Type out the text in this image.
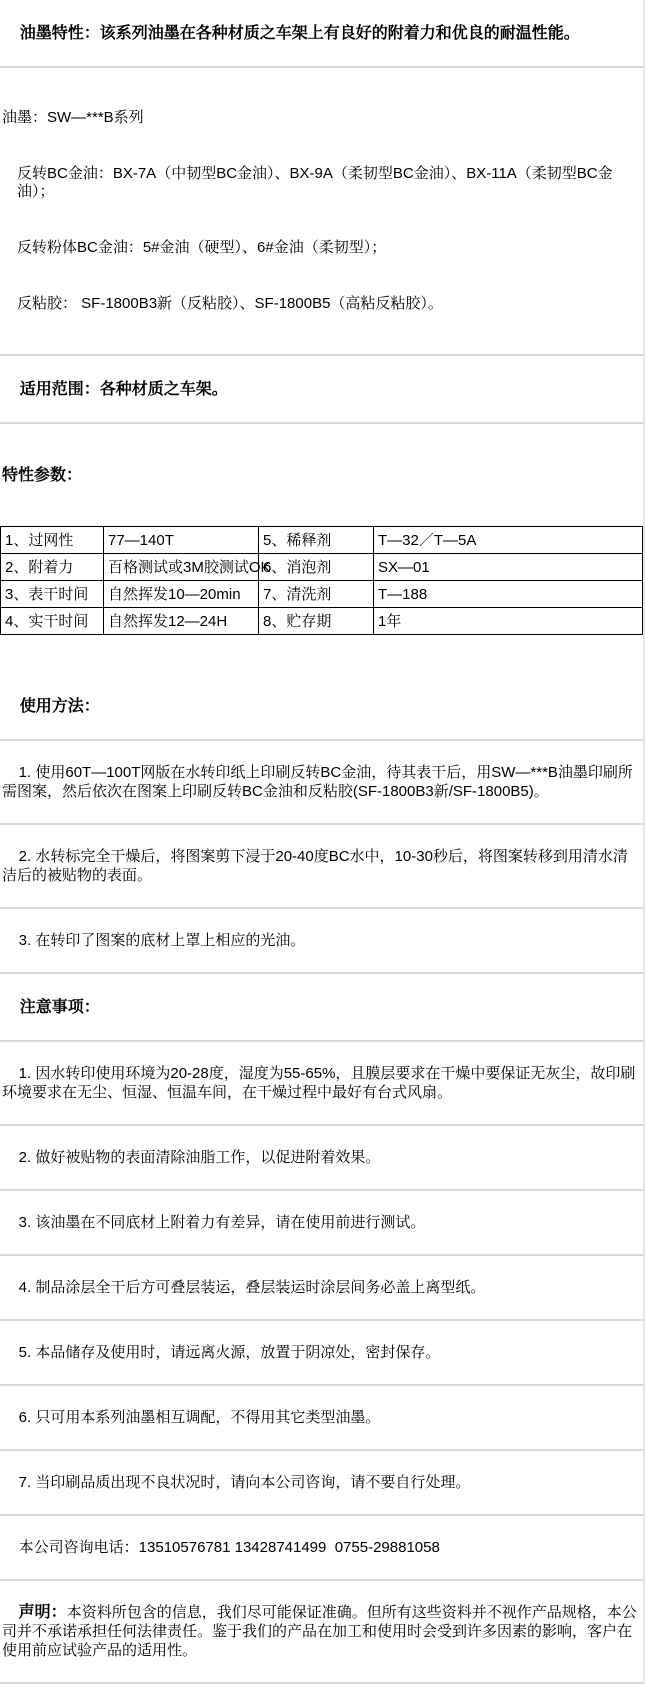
油墨特性：该系列油墨在各种材质之车架上有良好的附着力和优良的耐温性能。

油墨：SW—***B系列

反转BC金油：BX-7A（中韧型BC金油）、BX-9A（柔韧型BC金油）、BX-11A（柔韧型BC金油）；

反转粉体BC金油：5#金油（硬型）、6#金油（柔韧型）；

反粘胶： SF-1800B3新（反粘胶）、SF-1800B5（高粘反粘胶）。

适用范围：各种材质之车架。

特性参数：

1、过网性	77—140T	5、稀释剂	T—32／T—5A
2、附着力	百格测试或3M胶测试OK	6、消泡剂	SX—01
3、表干时间	自然挥发10—20min	7、清洗剂	T—188
4、实干时间	自然挥发12—24H	8、贮存期	1年

使用方法：

1. 使用60T—100T网版在水转印纸上印刷反转BC金油，待其表干后，用SW—***B油墨印刷所需图案，然后依次在图案上印刷反转BC金油和反粘胶(SF-1800B3新/SF-1800B5)。

2. 水转标完全干燥后，将图案剪下浸于20-40度BC水中，10-30秒后，将图案转移到用清水清洁后的被贴物的表面。

3. 在转印了图案的底材上罩上相应的光油。

注意事项：

1. 因水转印使用环境为20-28度，湿度为55-65%，且膜层要求在干燥中要保证无灰尘，故印刷环境要求在无尘、恒湿、恒温车间，在干燥过程中最好有台式风扇。

2. 做好被贴物的表面清除油脂工作，以促进附着效果。

3. 该油墨在不同底材上附着力有差异，请在使用前进行测试。

4. 制品涂层全干后方可叠层装运，叠层装运时涂层间务必盖上离型纸。

5. 本品储存及使用时，请远离火源，放置于阴凉处，密封保存。

6. 只可用本系列油墨相互调配，不得用其它类型油墨。

7. 当印刷品质出现不良状况时，请向本公司咨询，请不要自行处理。

本公司咨询电话：13510576781 13428741499  0755-29881058

声明：本资料所包含的信息，我们尽可能保证准确。但所有这些资料并不视作产品规格，本公司并不承诺承担任何法律责任。鉴于我们的产品在加工和使用时会受到许多因素的影响，客户在使用前应试验产品的适用性。
